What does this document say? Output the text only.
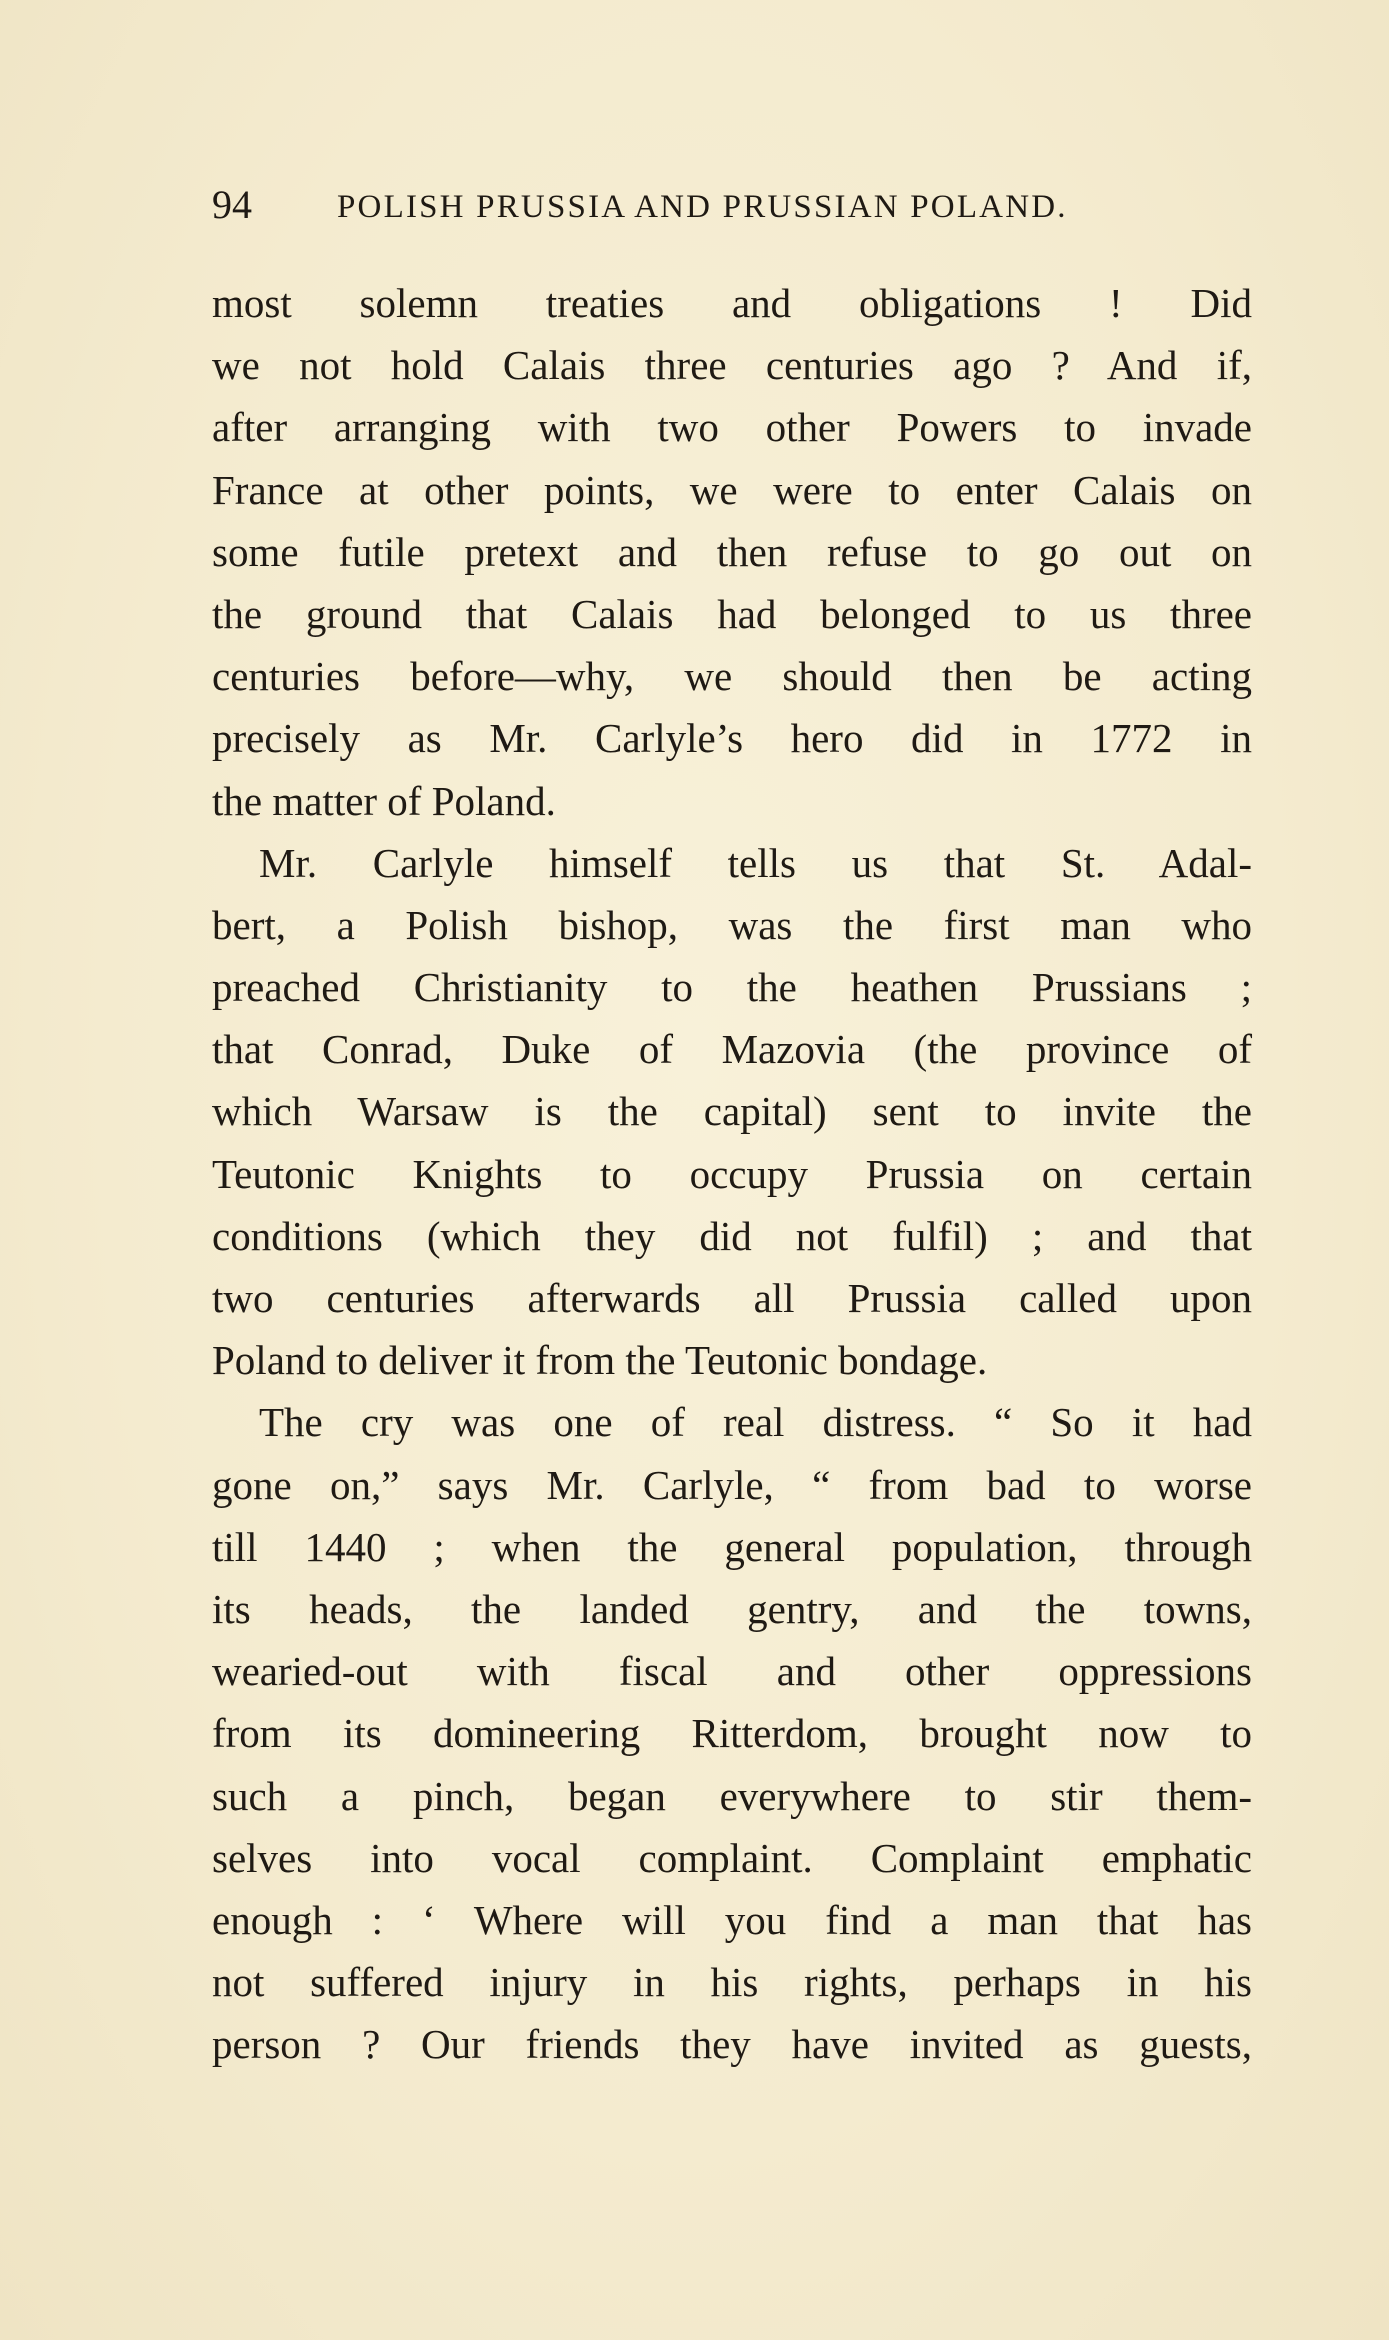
94	POLISH PRUSSIA AND PRUSSIAN POLAND.
most solemn treaties and obligations ! Did
we not hold Calais three centuries ago ? And if,
after arranging with two other Powers to invade
France at other points, we were to enter Calais on
some futile pretext and then refuse to go out on
the ground that Calais had belonged to us three
centuries before—why, we should then be acting
precisely as Mr. Carlyle’s hero did in 1772 in
the matter of Poland.
Mr. Carlyle himself tells us that St. Adal-
bert, a Polish bishop, was the first man who
preached Christianity to the heathen Prussians ;
that Conrad, Duke of Mazovia (the province of
which Warsaw is the capital) sent to invite the
Teutonic Knights to occupy Prussia on certain
conditions (which they did not fulfil) ; and that
two centuries afterwards all Prussia called upon
Poland to deliver it from the Teutonic bondage.
The cry was one of real distress. “ So it had
gone on,” says Mr. Carlyle, “ from bad to worse
till 1440 ; when the general population, through
its heads, the landed gentry, and the towns,
wearied-out with fiscal and other oppressions
from its domineering Ritterdom, brought now to
such a pinch, began everywhere to stir them-
selves into vocal complaint. Complaint emphatic
enough : ‘ Where will you find a man that has
not suffered injury in his rights, perhaps in his
person ? Our friends they have invited as guests,
